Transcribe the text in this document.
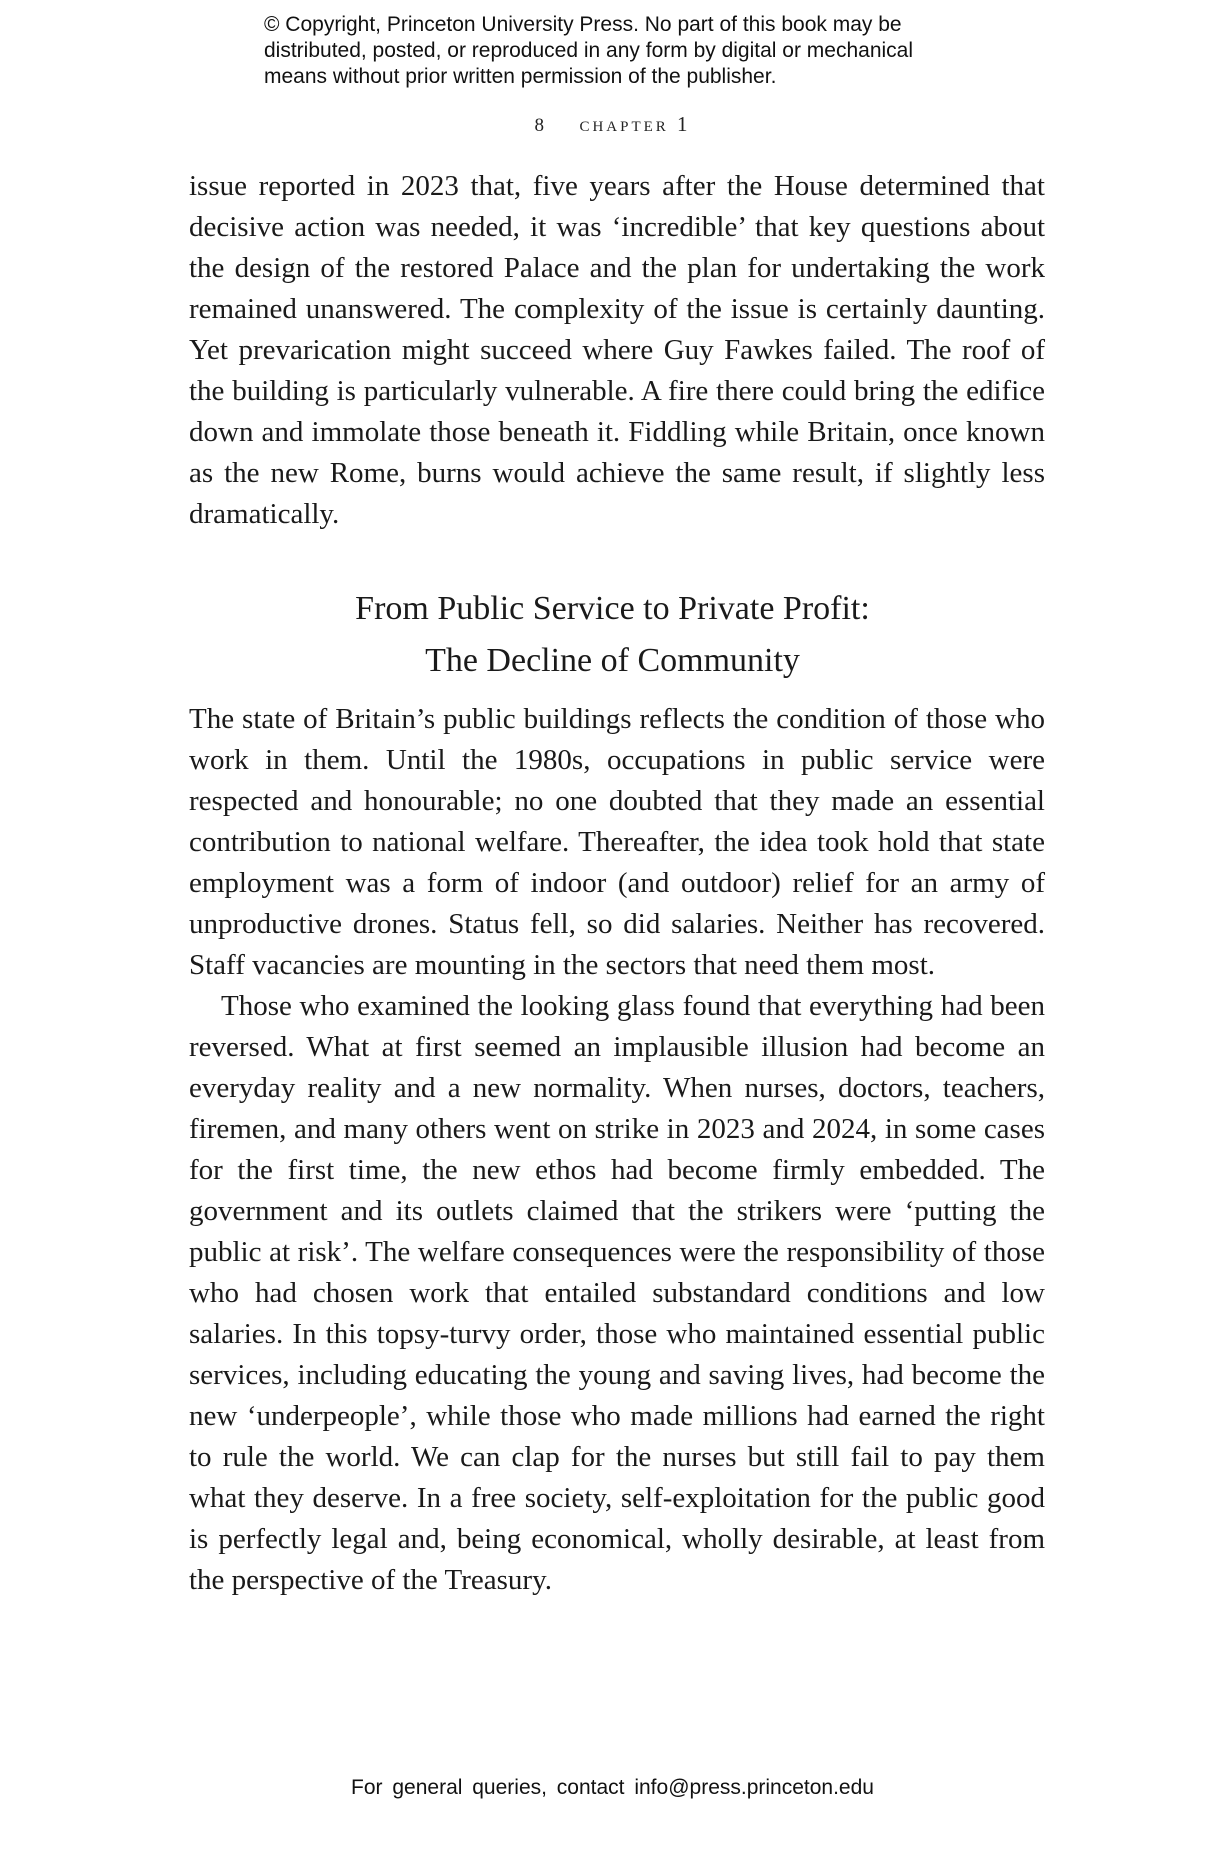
© Copyright, Princeton University Press. No part of this book may be

distributed, posted, or reproduced in any form by digital or mechanical

means without prior written permission of the publisher.

8 chapter 1

issue reported in 2023 that, five years after the House determined that decisive action was needed, it was ‘incredible’ that key questions about the design of the restored Palace and the plan for undertaking the work remained unanswered. The complexity of the issue is certainly daunting. Yet prevarication might succeed where Guy Fawkes failed. The roof of the building is particularly vulnerable. A fire there could bring the edifice down and immolate those beneath it. Fiddling while Britain, once known as the new Rome, burns would achieve the same result, if slightly less dramatically.

From Public Service to Private Profit:
The Decline of Community

The state of Britain’s public buildings reflects the condition of those who work in them. Until the 1980s, occupations in public service were respected and honourable; no one doubted that they made an essential contribution to national welfare. Thereafter, the idea took hold that state employment was a form of indoor (and outdoor) relief for an army of unproductive drones. Status fell, so did salaries. Neither has recovered. Staff vacancies are mounting in the sectors that need them most.

Those who examined the looking glass found that everything had been reversed. What at first seemed an implausible illusion had become an everyday reality and a new normality. When nurses, doctors, teachers, firemen, and many others went on strike in 2023 and 2024, in some cases for the first time, the new ethos had become firmly embedded. The government and its outlets claimed that the strikers were ‘putting the public at risk’. The welfare consequences were the responsibility of those who had chosen work that entailed substandard conditions and low salaries. In this topsy-turvy order, those who maintained essential public services, including educating the young and saving lives, had become the new ‘underpeople’, while those who made millions had earned the right to rule the world. We can clap for the nurses but still fail to pay them what they deserve. In a free society, self-exploitation for the public good is perfectly legal and, being economical, wholly desirable, at least from the perspective of the Treasury.

For general queries, contact info@press.princeton.edu
